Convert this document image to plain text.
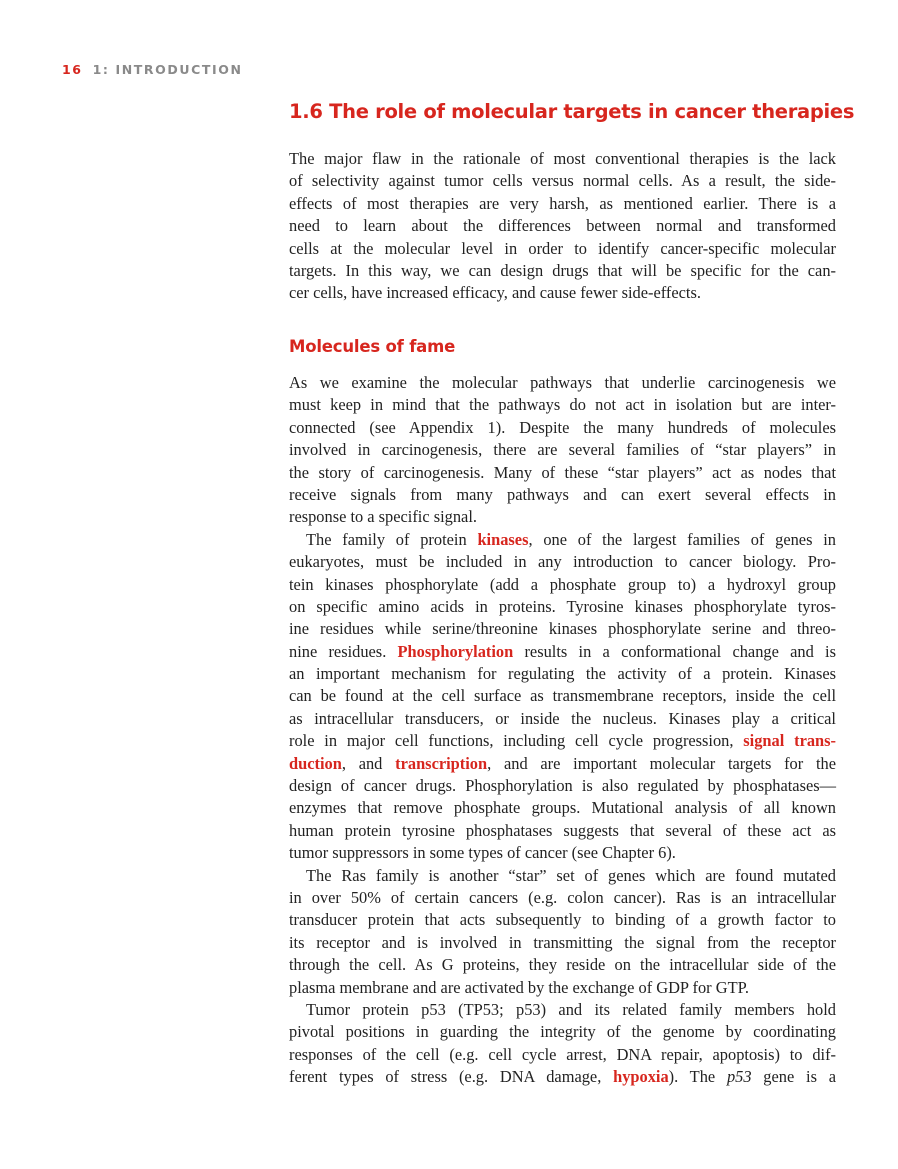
16 1: INTRODUCTION
1.6 The role of molecular targets in cancer therapies
The major flaw in the rationale of most conventional therapies is the lack
of selectivity against tumor cells versus normal cells. As a result, the side-
effects of most therapies are very harsh, as mentioned earlier. There is a
need to learn about the differences between normal and transformed
cells at the molecular level in order to identify cancer-specific molecular
targets. In this way, we can design drugs that will be specific for the can-
cer cells, have increased efficacy, and cause fewer side-effects.
Molecules of fame
As we examine the molecular pathways that underlie carcinogenesis we
must keep in mind that the pathways do not act in isolation but are inter-
connected (see Appendix 1). Despite the many hundreds of molecules
involved in carcinogenesis, there are several families of “star players” in
the story of carcinogenesis. Many of these “star players” act as nodes that
receive signals from many pathways and can exert several effects in
response to a specific signal.
The family of protein kinases, one of the largest families of genes in
eukaryotes, must be included in any introduction to cancer biology. Pro-
tein kinases phosphorylate (add a phosphate group to) a hydroxyl group
on specific amino acids in proteins. Tyrosine kinases phosphorylate tyros-
ine residues while serine/threonine kinases phosphorylate serine and threo-
nine residues. Phosphorylation results in a conformational change and is
an important mechanism for regulating the activity of a protein. Kinases
can be found at the cell surface as transmembrane receptors, inside the cell
as intracellular transducers, or inside the nucleus. Kinases play a critical
role in major cell functions, including cell cycle progression, signal trans-
duction, and transcription, and are important molecular targets for the
design of cancer drugs. Phosphorylation is also regulated by phosphatases—
enzymes that remove phosphate groups. Mutational analysis of all known
human protein tyrosine phosphatases suggests that several of these act as
tumor suppressors in some types of cancer (see Chapter 6).
The Ras family is another “star” set of genes which are found mutated
in over 50% of certain cancers (e.g. colon cancer). Ras is an intracellular
transducer protein that acts subsequently to binding of a growth factor to
its receptor and is involved in transmitting the signal from the receptor
through the cell. As G proteins, they reside on the intracellular side of the
plasma membrane and are activated by the exchange of GDP for GTP.
Tumor protein p53 (TP53; p53) and its related family members hold
pivotal positions in guarding the integrity of the genome by coordinating
responses of the cell (e.g. cell cycle arrest, DNA repair, apoptosis) to dif-
ferent types of stress (e.g. DNA damage, hypoxia). The p53 gene is a
